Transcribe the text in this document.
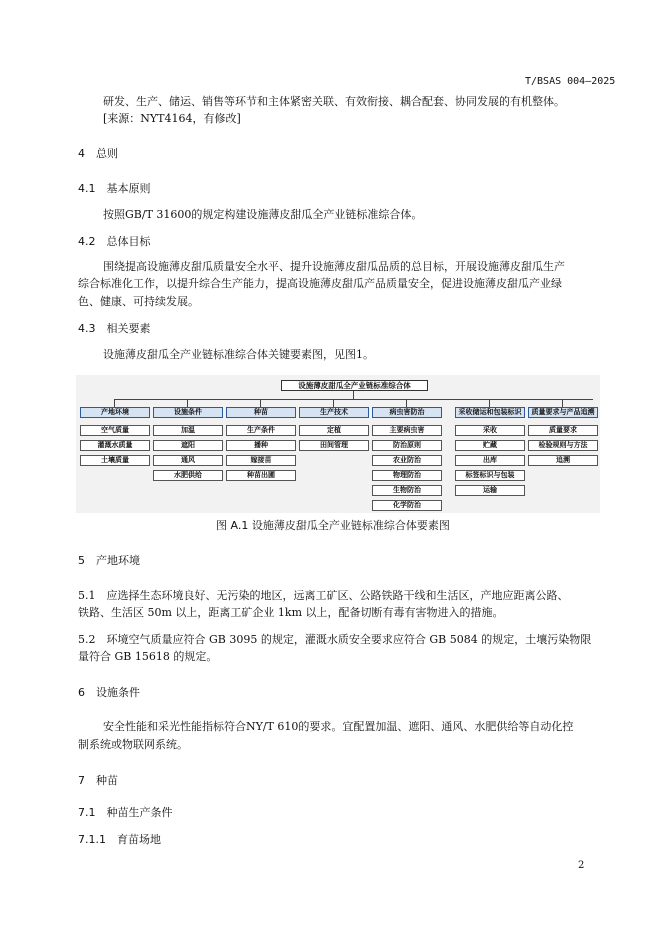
T/BSAS 004—2025
研发、生产、储运、销售等环节和主体紧密关联、有效衔接、耦合配套、协同发展的有机整体。
[来源：NYT4164，有修改]
4　总则
4.1　基本原则
按照GB/T 31600的规定构建设施薄皮甜瓜全产业链标准综合体。
4.2　总体目标
围绕提高设施薄皮甜瓜质量安全水平、提升设施薄皮甜瓜品质的总目标，开展设施薄皮甜瓜生产
综合标准化工作，以提升综合生产能力，提高设施薄皮甜瓜产品质量安全，促进设施薄皮甜瓜产业绿
色、健康、可持续发展。
4.3　相关要素
设施薄皮甜瓜全产业链标准综合体关键要素图，见图1。
设施薄皮甜瓜全产业链标准综合体
产地环境
空气质量
灌溉水质量
土壤质量
设施条件
加温
遮阳
通风
水肥供给
种苗
生产条件
播种
嫁接苗
种苗出圃
生产技术
定植
田间管理
病虫害防治
主要病虫害
防治原则
农业防治
物理防治
生物防治
化学防治
采收储运和包装标识
采收
贮藏
出库
标签标识与包装
运输
质量要求与产品追溯
质量要求
检验规则与方法
追溯
图 A.1 设施薄皮甜瓜全产业链标准综合体要素图
5　产地环境
5.1　应选择生态环境良好、无污染的地区，远离工矿区、公路铁路干线和生活区，产地应距离公路、
铁路、生活区 50m 以上，距离工矿企业 1km 以上，配备切断有毒有害物进入的措施。
5.2　环境空气质量应符合 GB 3095 的规定，灌溉水质安全要求应符合 GB 5084 的规定，土壤污染物限
量符合 GB 15618 的规定。
6　设施条件
安全性能和采光性能指标符合NY/T 610的要求。宜配置加温、遮阳、通风、水肥供给等自动化控
制系统或物联网系统。
7　种苗
7.1　种苗生产条件
7.1.1　育苗场地
2
